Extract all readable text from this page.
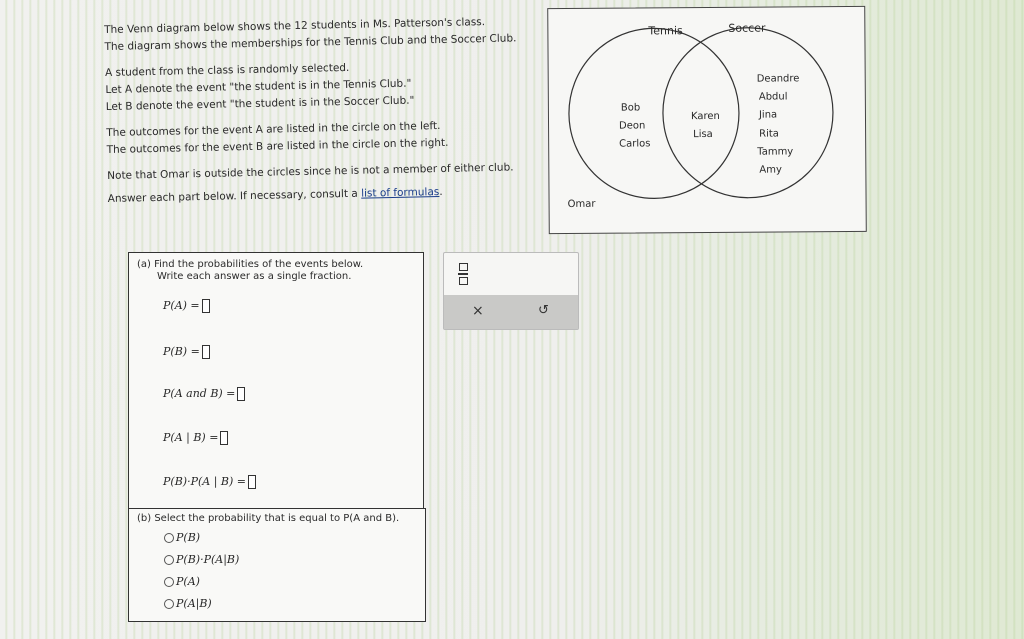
The Venn diagram below shows the 12 students in Ms. Patterson's class.
The diagram shows the memberships for the Tennis Club and the Soccer Club.
A student from the class is randomly selected.
Let A denote the event "the student is in the Tennis Club."
Let B denote the event "the student is in the Soccer Club."
The outcomes for the event A are listed in the circle on the left.
The outcomes for the event B are listed in the circle on the right.
Note that Omar is outside the circles since he is not a member of either club.
Answer each part below. If necessary, consult a list of formulas.
Tennis	Soccer
Bob
Deon
Carlos
Karen
Lisa
Deandre
Abdul
Jina
Rita
Tammy
Amy
Omar
(a) Find the probabilities of the events below.
Write each answer as a single fraction.
P(A) =
P(B) =
P(A and B) =
P(A | B) =
P(B)·P(A | B) =
(b) Select the probability that is equal to P(A and B).
P(B)
P(B)·P(A|B)
P(A)
P(A|B)
×	↺
